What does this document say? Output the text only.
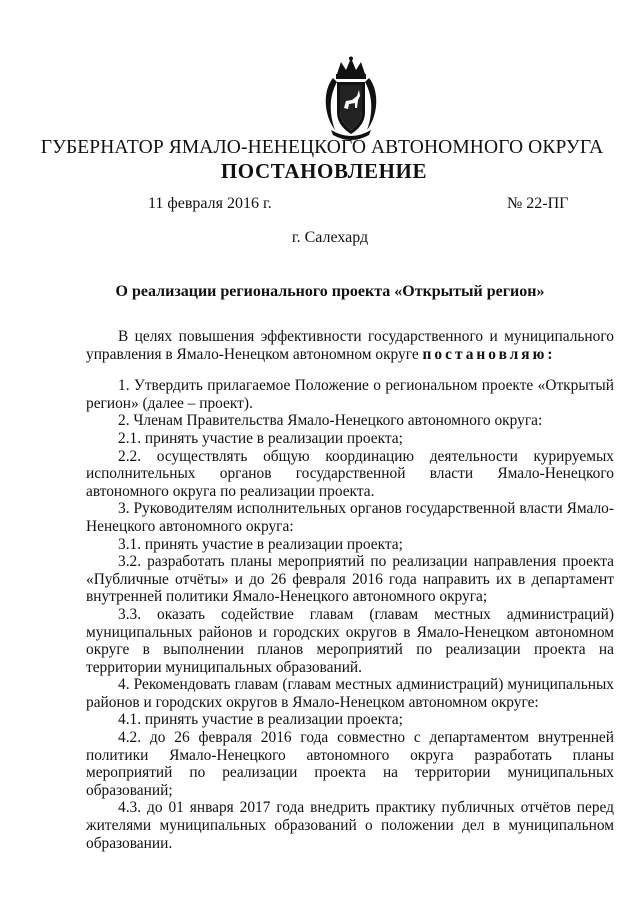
ГУБЕРНАТОР ЯМАЛО-НЕНЕЦКОГО АВТОНОМНОГО ОКРУГА
ПОСТАНОВЛЕНИЕ
11 февраля 2016 г.	№ 22-ПГ
г. Салехард
О реализации регионального проекта «Открытый регион»

В целях повышения эффективности государственного и муниципального управления в Ямало-Ненецком автономном округе постановляю:

1. Утвердить прилагаемое Положение о региональном проекте «Открытый регион» (далее – проект).

2. Членам Правительства Ямало-Ненецкого автономного округа:

2.1. принять участие в реализации проекта;

2.2. осуществлять общую координацию деятельности курируемых исполнительных органов государственной власти Ямало-Ненецкого автономного округа по реализации проекта.

3. Руководителям исполнительных органов государственной власти Ямало-Ненецкого автономного округа:

3.1. принять участие в реализации проекта;

3.2. разработать планы мероприятий по реализации направления проекта «Публичные отчёты» и до 26 февраля 2016 года направить их в департамент внутренней политики Ямало-Ненецкого автономного округа;

3.3. оказать содействие главам (главам местных администраций) муниципальных районов и городских округов в Ямало-Ненецком автономном округе в выполнении планов мероприятий по реализации проекта на территории муниципальных образований.

4. Рекомендовать главам (главам местных администраций) муниципальных районов и городских округов в Ямало-Ненецком автономном округе:

4.1. принять участие в реализации проекта;

4.2. до 26 февраля 2016 года совместно с департаментом внутренней политики Ямало-Ненецкого автономного округа разработать планы мероприятий по реализации проекта на территории муниципальных образований;

4.3. до 01 января 2017 года внедрить практику публичных отчётов перед жителями муниципальных образований о положении дел в муниципальном образовании.
